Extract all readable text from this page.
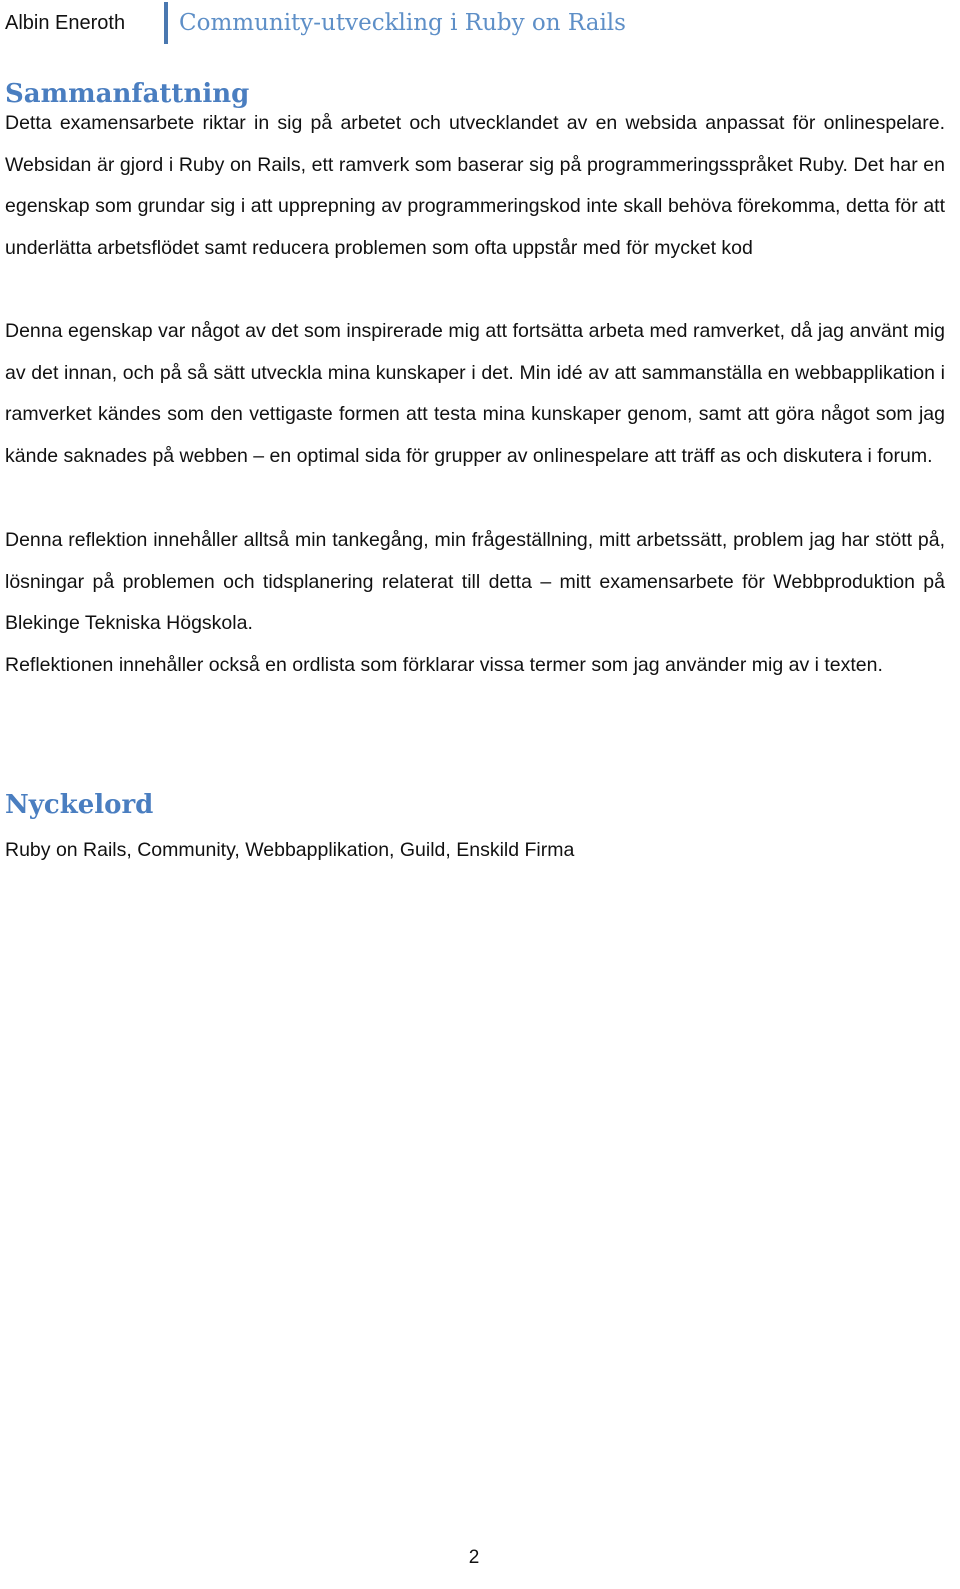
Albin Eneroth Community-utveckling i Ruby on Rails
Sammanfattning

Detta examensarbete riktar in sig på arbetet och utvecklandet av en websida anpassat för onlinespelare. Websidan är gjord i Ruby on Rails, ett ramverk som baserar sig på programmeringsspråket Ruby. Det har en egenskap som grundar sig i att upprepning av programmeringskod inte skall behöva förekomma, detta för att underlätta arbetsflödet samt reducera problemen som ofta uppstår med för mycket kod

Denna egenskap var något av det som inspirerade mig att fortsätta arbeta med ramverket, då jag använt mig av det innan, och på så sätt utveckla mina kunskaper i det. Min idé av att sammanställa en webbapplikation i ramverket kändes som den vettigaste formen att testa mina kunskaper genom, samt att göra något som jag kände saknades på webben – en optimal sida för grupper av onlinespelare att träff as och diskutera i forum.

Denna reflektion innehåller alltså min tankegång, min frågeställning, mitt arbetssätt, problem jag har stött på, lösningar på problemen och tidsplanering relaterat till detta – mitt examensarbete för Webbproduktion på Blekinge Tekniska Högskola.

Reflektionen innehåller också en ordlista som förklarar vissa termer som jag använder mig av i texten.

Nyckelord

Ruby on Rails, Community, Webbapplikation, Guild, Enskild Firma

2
